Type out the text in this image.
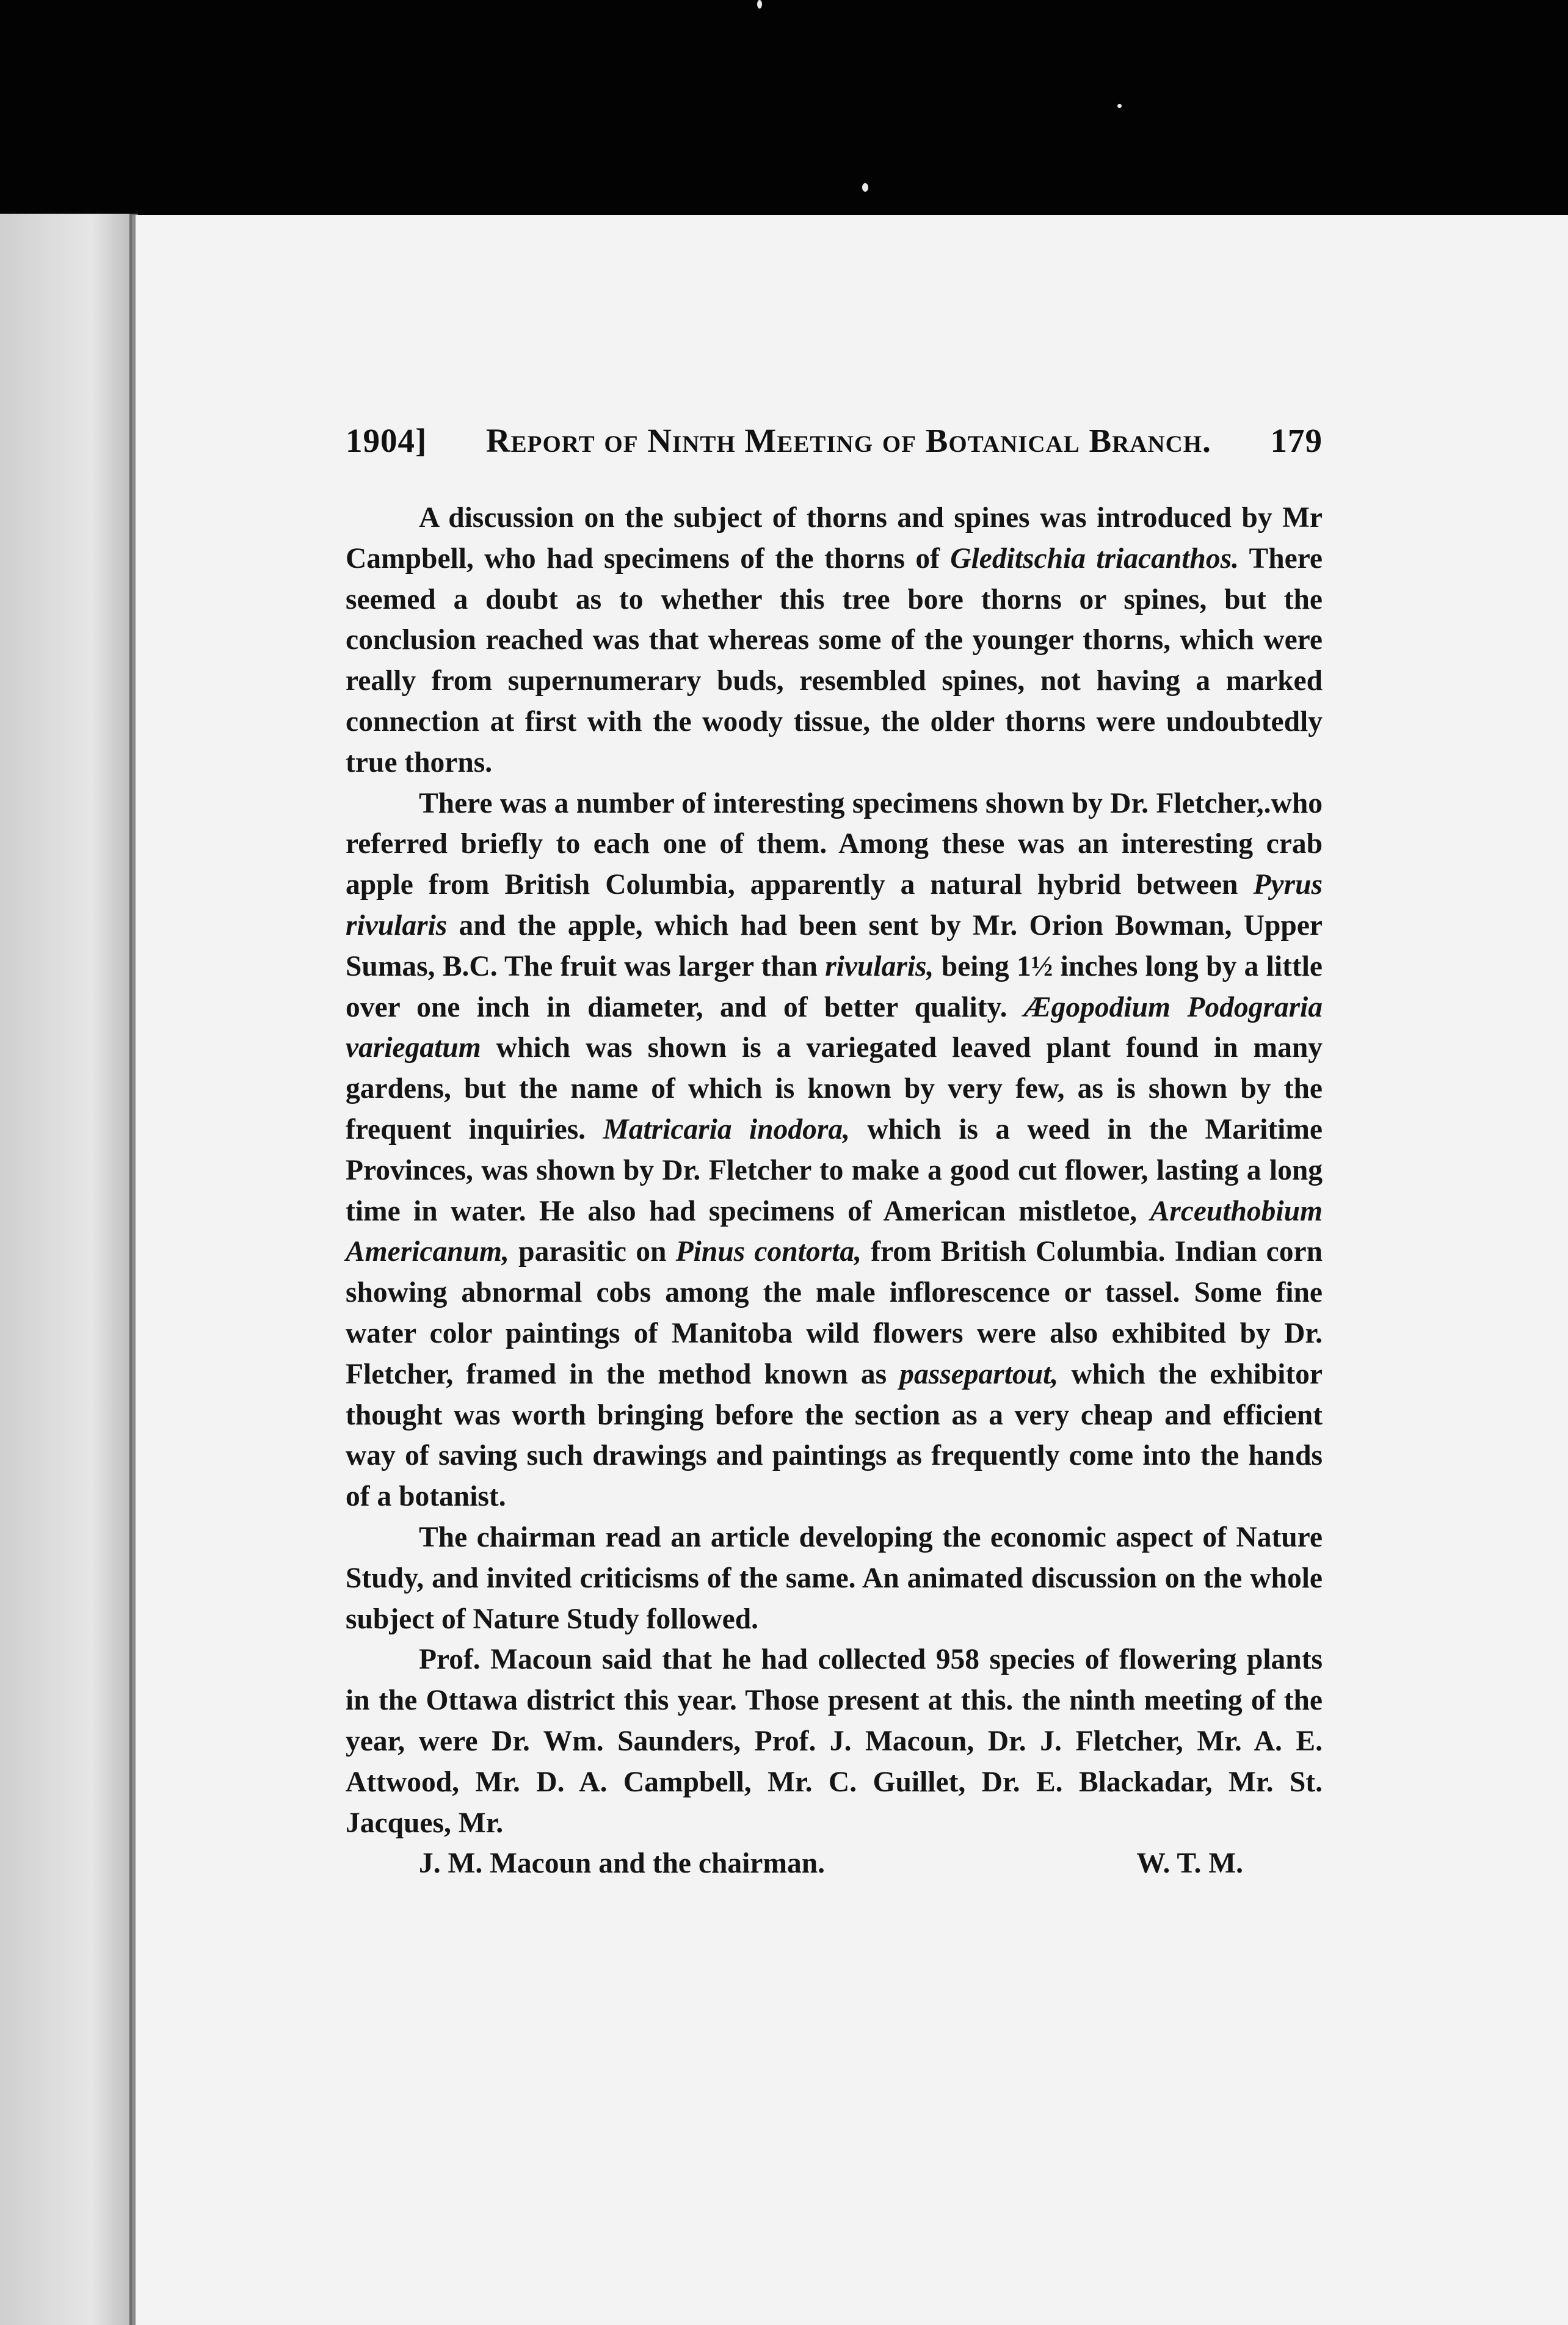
1904] Report of Ninth Meeting of Botanical Branch. 179

A discussion on the subject of thorns and spines was introduced by Mr Campbell, who had specimens of the thorns of Gleditschia triacanthos. There seemed a doubt as to whether this tree bore thorns or spines, but the conclusion reached was that whereas some of the younger thorns, which were really from supernumerary buds, resembled spines, not having a marked connection at first with the woody tissue, the older thorns were undoubtedly true thorns.

There was a number of interesting specimens shown by Dr. Fletcher,.who referred briefly to each one of them. Among these was an interesting crab apple from British Columbia, apparently a natural hybrid between Pyrus rivularis and the apple, which had been sent by Mr. Orion Bowman, Upper Sumas, B.C. The fruit was larger than rivularis, being 1½ inches long by a little over one inch in diameter, and of better quality. Ægopodium Podograria variegatum which was shown is a variegated leaved plant found in many gardens, but the name of which is known by very few, as is shown by the frequent inquiries. Matricaria inodora, which is a weed in the Maritime Provinces, was shown by Dr. Fletcher to make a good cut flower, lasting a long time in water. He also had specimens of American mistletoe, Arceuthobium Americanum, parasitic on Pinus contorta, from British Columbia. Indian corn showing abnormal cobs among the male inflorescence or tassel. Some fine water color paintings of Manitoba wild flowers were also exhibited by Dr. Fletcher, framed in the method known as passepartout, which the exhibitor thought was worth bringing before the section as a very cheap and efficient way of saving such drawings and paintings as frequently come into the hands of a botanist.

The chairman read an article developing the economic aspect of Nature Study, and invited criticisms of the same. An animated discussion on the whole subject of Nature Study followed.

Prof. Macoun said that he had collected 958 species of flowering plants in the Ottawa district this year. Those present at this. the ninth meeting of the year, were Dr. Wm. Saunders, Prof. J. Macoun, Dr. J. Fletcher, Mr. A. E. Attwood, Mr. D. A. Campbell, Mr. C. Guillet, Dr. E. Blackadar, Mr. St. Jacques, Mr.

J. M. Macoun and the chairman.	W. T. M.
